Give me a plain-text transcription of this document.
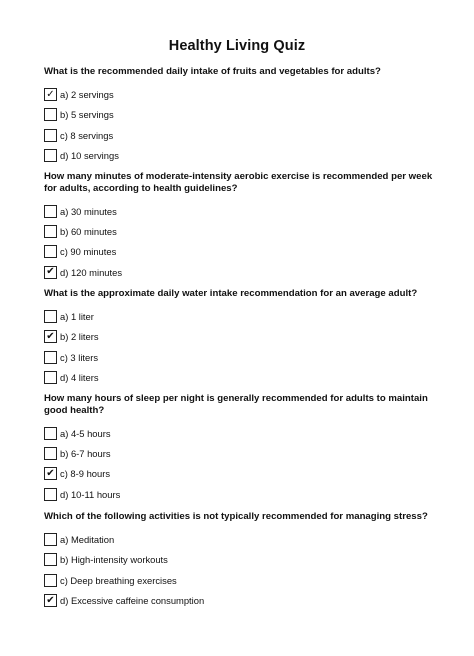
Healthy Living Quiz

What is the recommended daily intake of fruits and vegetables for adults?

✓ a) 2 servings
b) 5 servings
c) 8 servings
d) 10 servings

How many minutes of moderate-intensity aerobic exercise is recommended per week for adults, according to health guidelines?

a) 30 minutes
b) 60 minutes
c) 90 minutes
✔ d) 120 minutes

What is the approximate daily water intake recommendation for an average adult?

a) 1 liter
✔ b) 2 liters
c) 3 liters
d) 4 liters

How many hours of sleep per night is generally recommended for adults to maintain good health?

a) 4-5 hours
b) 6-7 hours
✔ c) 8-9 hours
d) 10-11 hours

Which of the following activities is not typically recommended for managing stress?

a) Meditation
b) High-intensity workouts
c) Deep breathing exercises
✔ d) Excessive caffeine consumption
